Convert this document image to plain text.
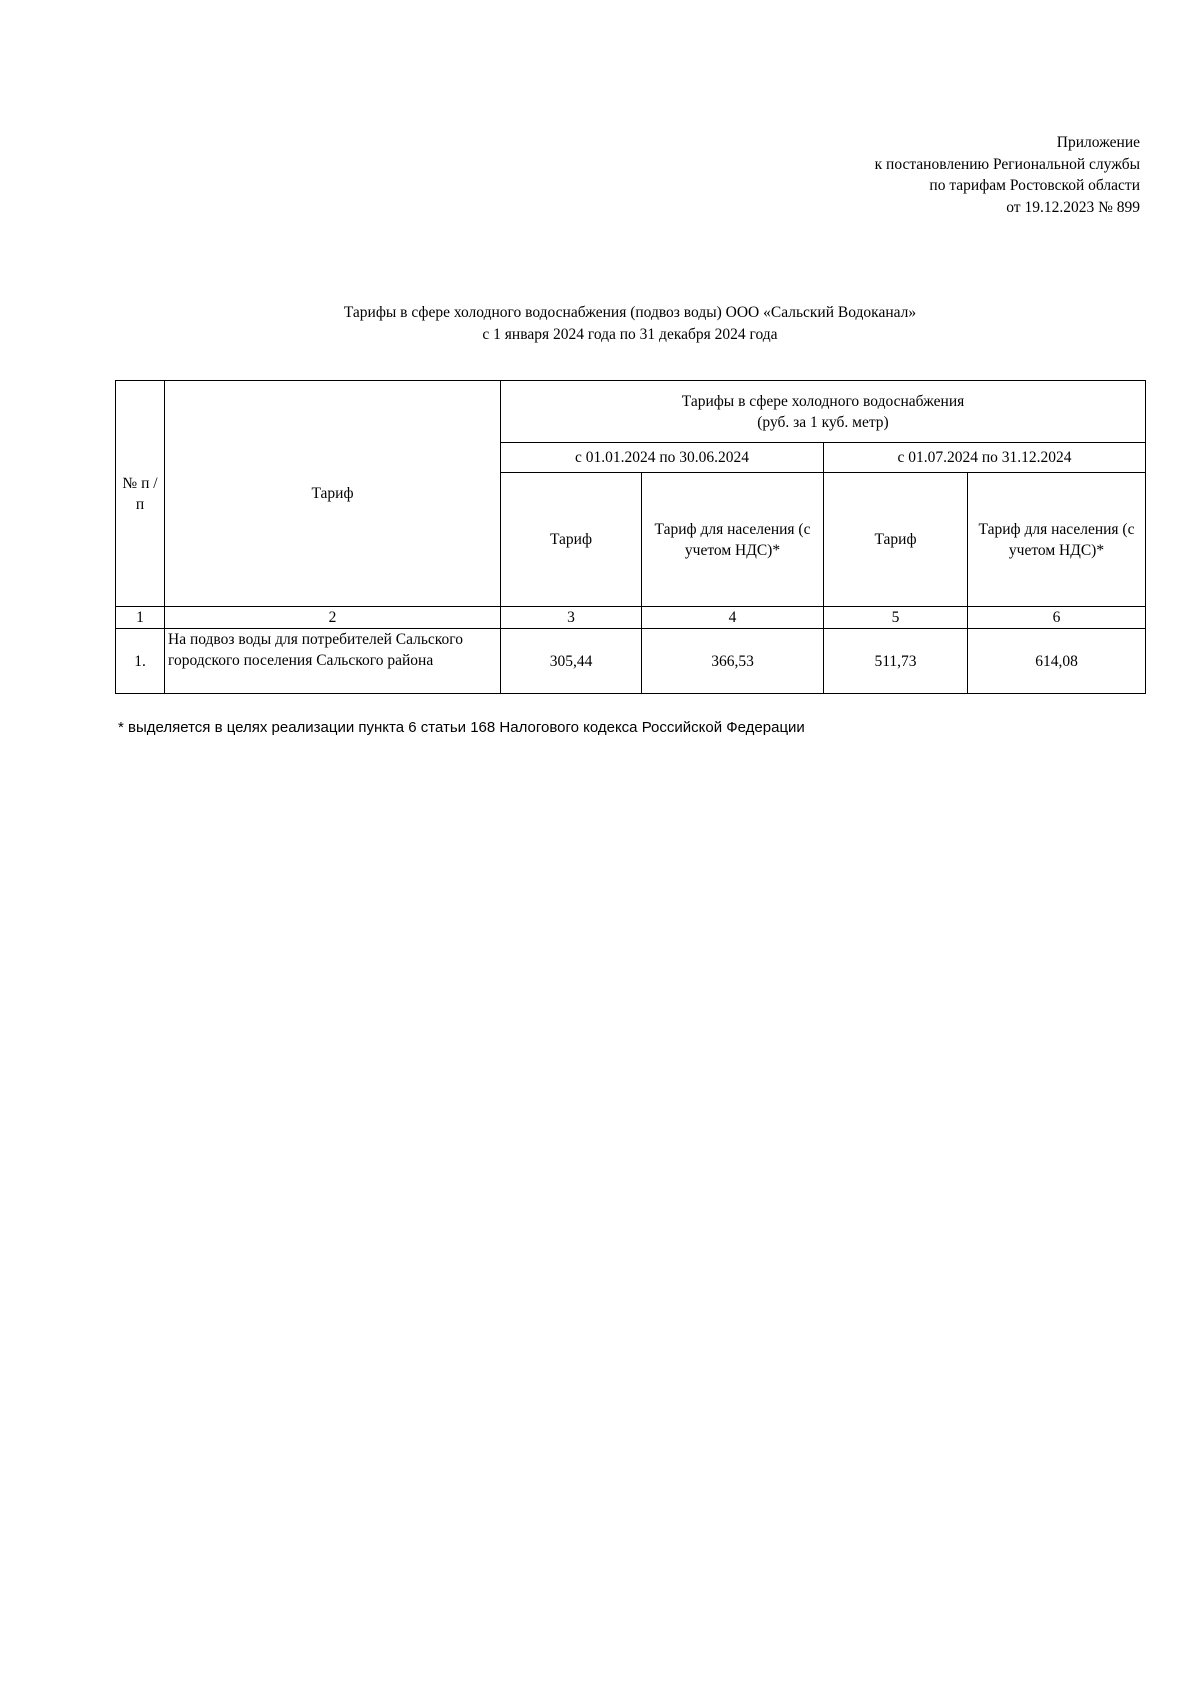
Приложение
к постановлению Региональной службы
по тарифам Ростовской области
от 19.12.2023 № 899
Тарифы в сфере холодного водоснабжения (подвоз воды) ООО «Сальский Водоканал»
с 1 января 2024 года по 31 декабря 2024 года
№ п /п	Тариф	Тарифы в сфере холодного водоснабжения
(руб. за 1 куб. метр)			

		с 01.01.2024 по 30.06.2024		с 01.07.2024 по 31.12.2024	
		Тариф	Тариф для населения (с учетом НДС)*	Тариф	Тариф для населения (с учетом НДС)*
1	2	3	4	5	6
1.	На подвоз воды для потребителей Сальского городского поселения Сальского района	305,44	366,53	511,73	614,08
* выделяется в целях реализации пункта 6 статьи 168 Налогового кодекса Российской Федерации
